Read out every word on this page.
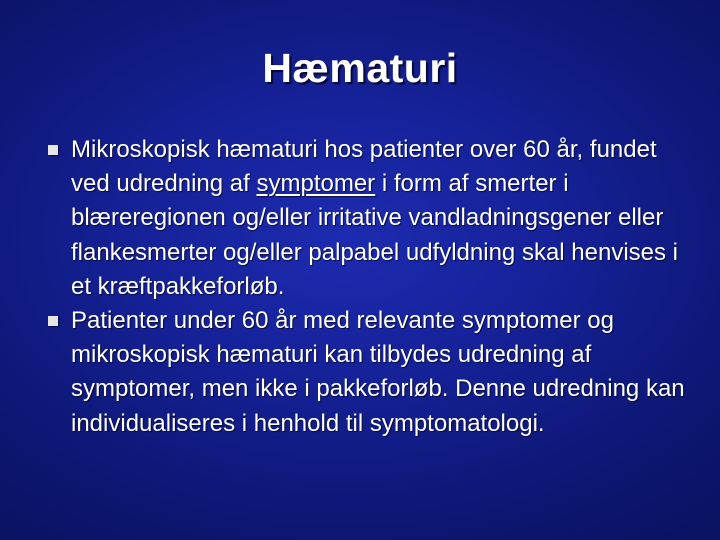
Hæmaturi
Mikroskopisk hæmaturi hos patienter over 60 år, fundet ved udredning af symptomer i form af smerter i blæreregionen og/eller irritative vandladningsgener eller flankesmerter og/eller palpabel udfyldning skal henvises i et kræftpakkeforløb.
Patienter under 60 år med relevante symptomer og mikroskopisk hæmaturi kan tilbydes udredning af symptomer, men ikke i pakkeforløb. Denne udredning kan individualiseres i henhold til symptomatologi.
